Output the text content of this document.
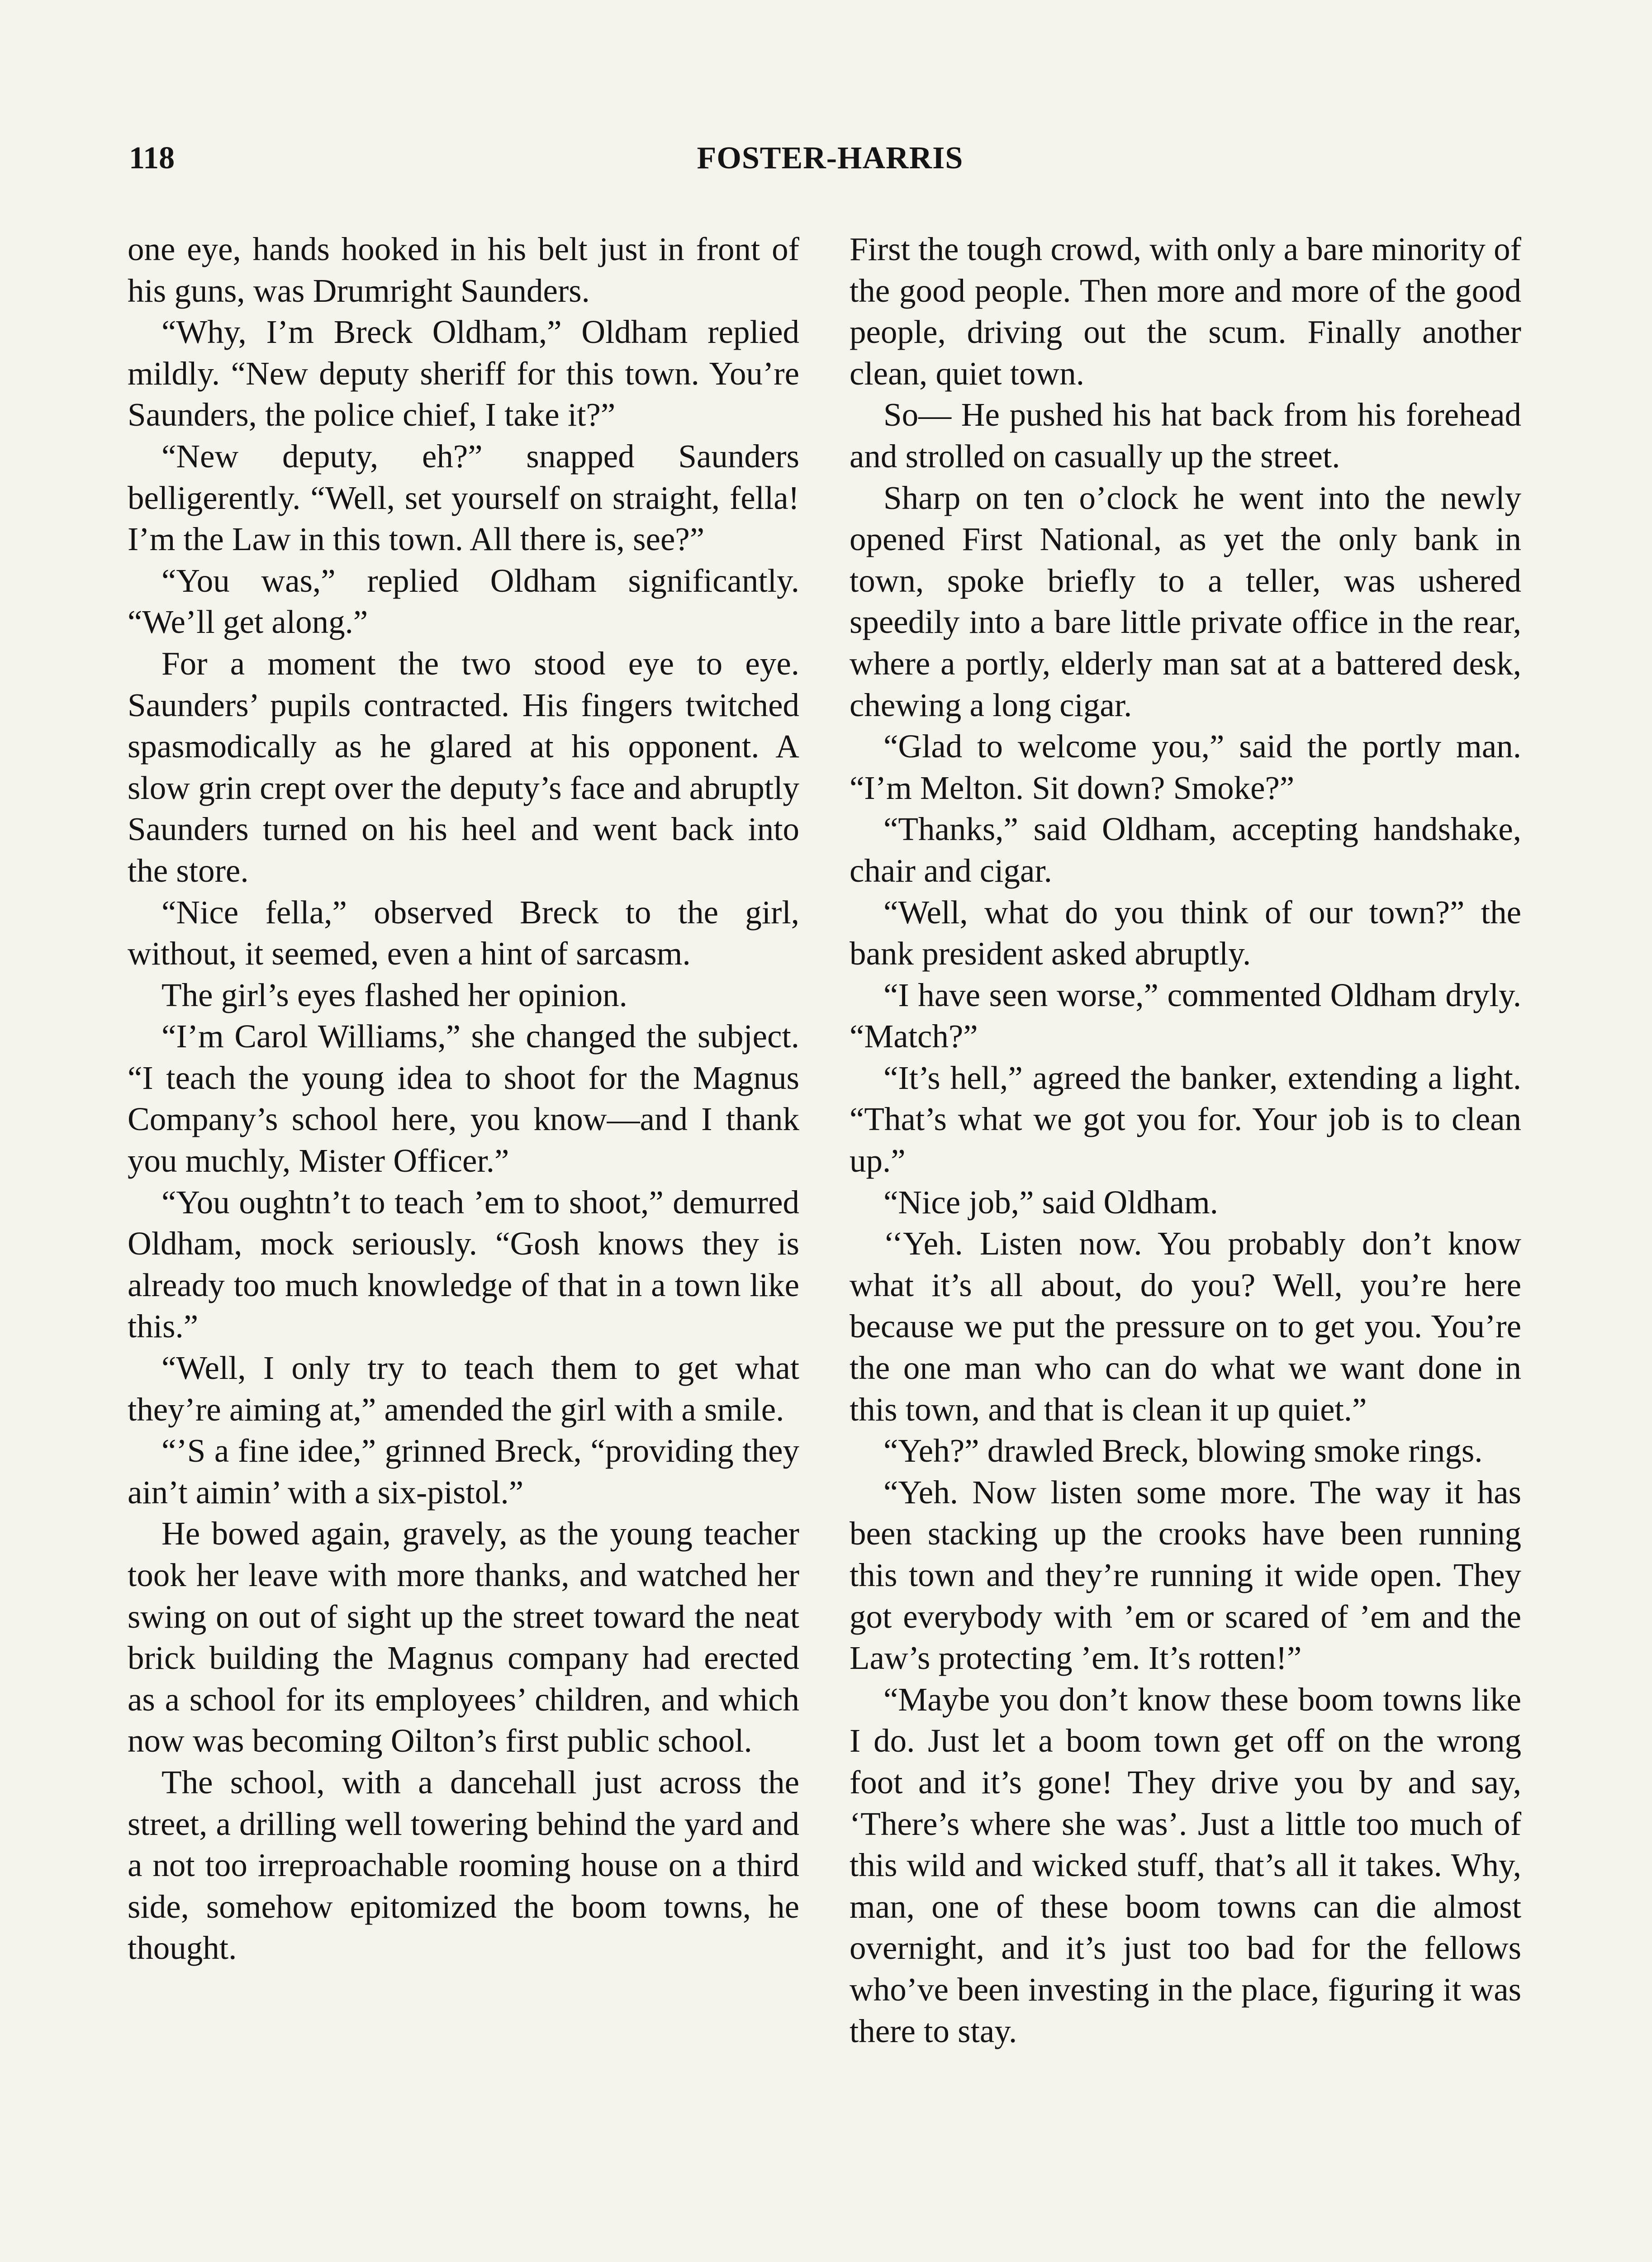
118	FOSTER-HARRIS

one eye, hands hooked in his belt just in front of his guns, was Drumright Saunders.

“Why, I’m Breck Oldham,” Oldham replied mildly. “New deputy sheriff for this town. You’re Saunders, the police chief, I take it?”

“New deputy, eh?” snapped Saunders belligerently. “Well, set yourself on straight, fella! I’m the Law in this town. All there is, see?”

“You was,” replied Oldham significantly. “We’ll get along.”

For a moment the two stood eye to eye. Saunders’ pupils contracted. His fingers twitched spasmodically as he glared at his opponent. A slow grin crept over the deputy’s face and abruptly Saunders turned on his heel and went back into the store.

“Nice fella,” observed Breck to the girl, without, it seemed, even a hint of sarcasm.

The girl’s eyes flashed her opinion.

“I’m Carol Williams,” she changed the subject. “I teach the young idea to shoot for the Magnus Company’s school here, you know—and I thank you muchly, Mister Officer.”

“You oughtn’t to teach ’em to shoot,” demurred Oldham, mock seriously. “Gosh knows they is already too much knowledge of that in a town like this.”

“Well, I only try to teach them to get what they’re aiming at,” amended the girl with a smile.

“’S a fine idee,” grinned Breck, “providing they ain’t aimin’ with a six-pistol.”

He bowed again, gravely, as the young teacher took her leave with more thanks, and watched her swing on out of sight up the street toward the neat brick building the Magnus company had erected as a school for its employees’ children, and which now was becoming Oilton’s first public school.

The school, with a dancehall just across the street, a drilling well towering behind the yard and a not too irreproachable rooming house on a third side, somehow epitomized the boom towns, he thought.

First the tough crowd, with only a bare minority of the good people. Then more and more of the good people, driving out the scum. Finally another clean, quiet town.

So— He pushed his hat back from his forehead and strolled on casually up the street.

Sharp on ten o’clock he went into the newly opened First National, as yet the only bank in town, spoke briefly to a teller, was ushered speedily into a bare little private office in the rear, where a portly, elderly man sat at a battered desk, chewing a long cigar.

“Glad to welcome you,” said the portly man. “I’m Melton. Sit down? Smoke?”

“Thanks,” said Oldham, accepting handshake, chair and cigar.

“Well, what do you think of our town?” the bank president asked abruptly.

“I have seen worse,” commented Oldham dryly. “Match?”

“It’s hell,” agreed the banker, extending a light. “That’s what we got you for. Your job is to clean up.”

“Nice job,” said Oldham.

‘‘Yeh. Listen now. You probably don’t know what it’s all about, do you? Well, you’re here because we put the pressure on to get you. You’re the one man who can do what we want done in this town, and that is clean it up quiet.”

“Yeh?” drawled Breck, blowing smoke rings.

“Yeh. Now listen some more. The way it has been stacking up the crooks have been running this town and they’re running it wide open. They got everybody with ’em or scared of ’em and the Law’s protecting ’em. It’s rotten!”

“Maybe you don’t know these boom towns like I do. Just let a boom town get off on the wrong foot and it’s gone! They drive you by and say, ‘There’s where she was’. Just a little too much of this wild and wicked stuff, that’s all it takes. Why, man, one of these boom towns can die almost overnight, and it’s just too bad for the fellows who’ve been investing in the place, figuring it was there to stay.
